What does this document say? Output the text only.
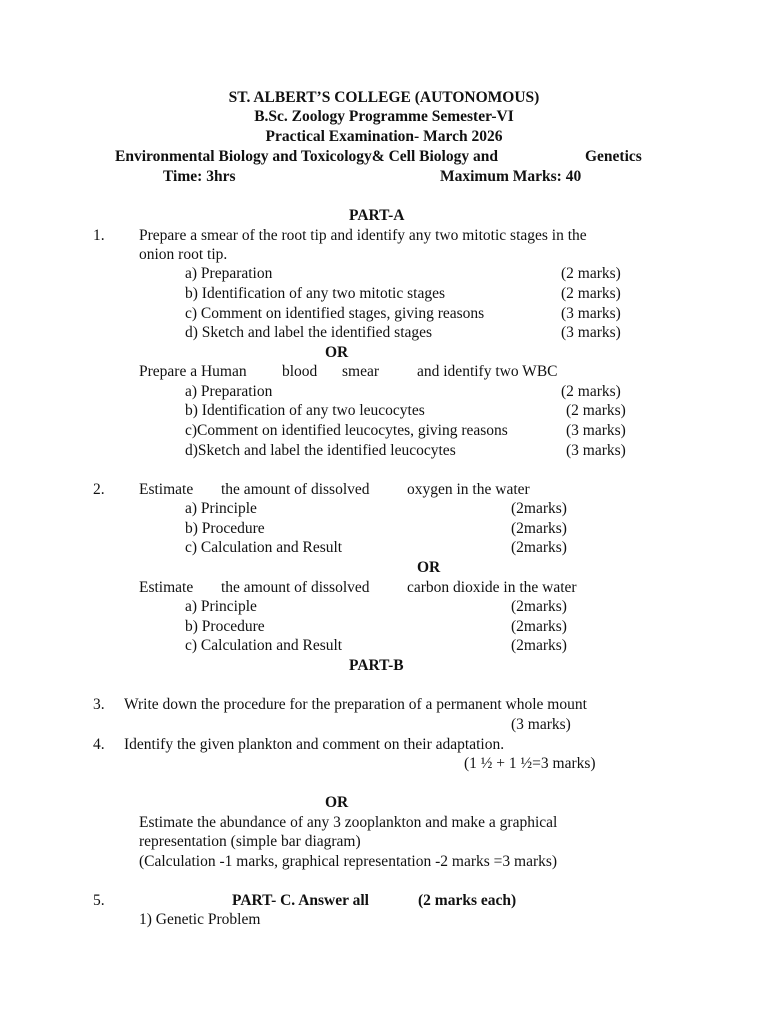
ST. ALBERT’S COLLEGE (AUTONOMOUS)
B.Sc. Zoology Programme Semester-VI
Practical Examination- March 2026
Environmental Biology and Toxicology& Cell Biology and	Genetics
Time: 3hrs	Maximum Marks: 40
PART-A
1. Prepare a smear of the root tip and identify any two mitotic stages in the
onion root tip.
a) Preparation	(2 marks)
b) Identification of any two mitotic stages	(2 marks)
c) Comment on identified stages, giving reasons	(3 marks)
d) Sketch and label the identified stages	(3 marks)
OR
Prepare a Human blood smear and identify two WBC
a) Preparation	(2 marks)
b) Identification of any two leucocytes	(2 marks)
c)Comment on identified leucocytes, giving reasons	(3 marks)
d)Sketch and label the identified leucocytes	(3 marks)
2. Estimate the amount of dissolved oxygen in the water
a) Principle	(2marks)
b) Procedure	(2marks)
c) Calculation and Result	(2marks)
OR
Estimate the amount of dissolved carbon dioxide in the water
a) Principle	(2marks)
b) Procedure	(2marks)
c) Calculation and Result	(2marks)
PART-B
3. Write down the procedure for the preparation of a permanent whole mount
(3 marks)
4. Identify the given plankton and comment on their adaptation.
(1 ½ + 1 ½=3 marks)
OR
Estimate the abundance of any 3 zooplankton and make a graphical
representation (simple bar diagram)
(Calculation -1 marks, graphical representation -2 marks =3 marks)
5.	PART- C. Answer all	(2 marks each)
1) Genetic Problem
